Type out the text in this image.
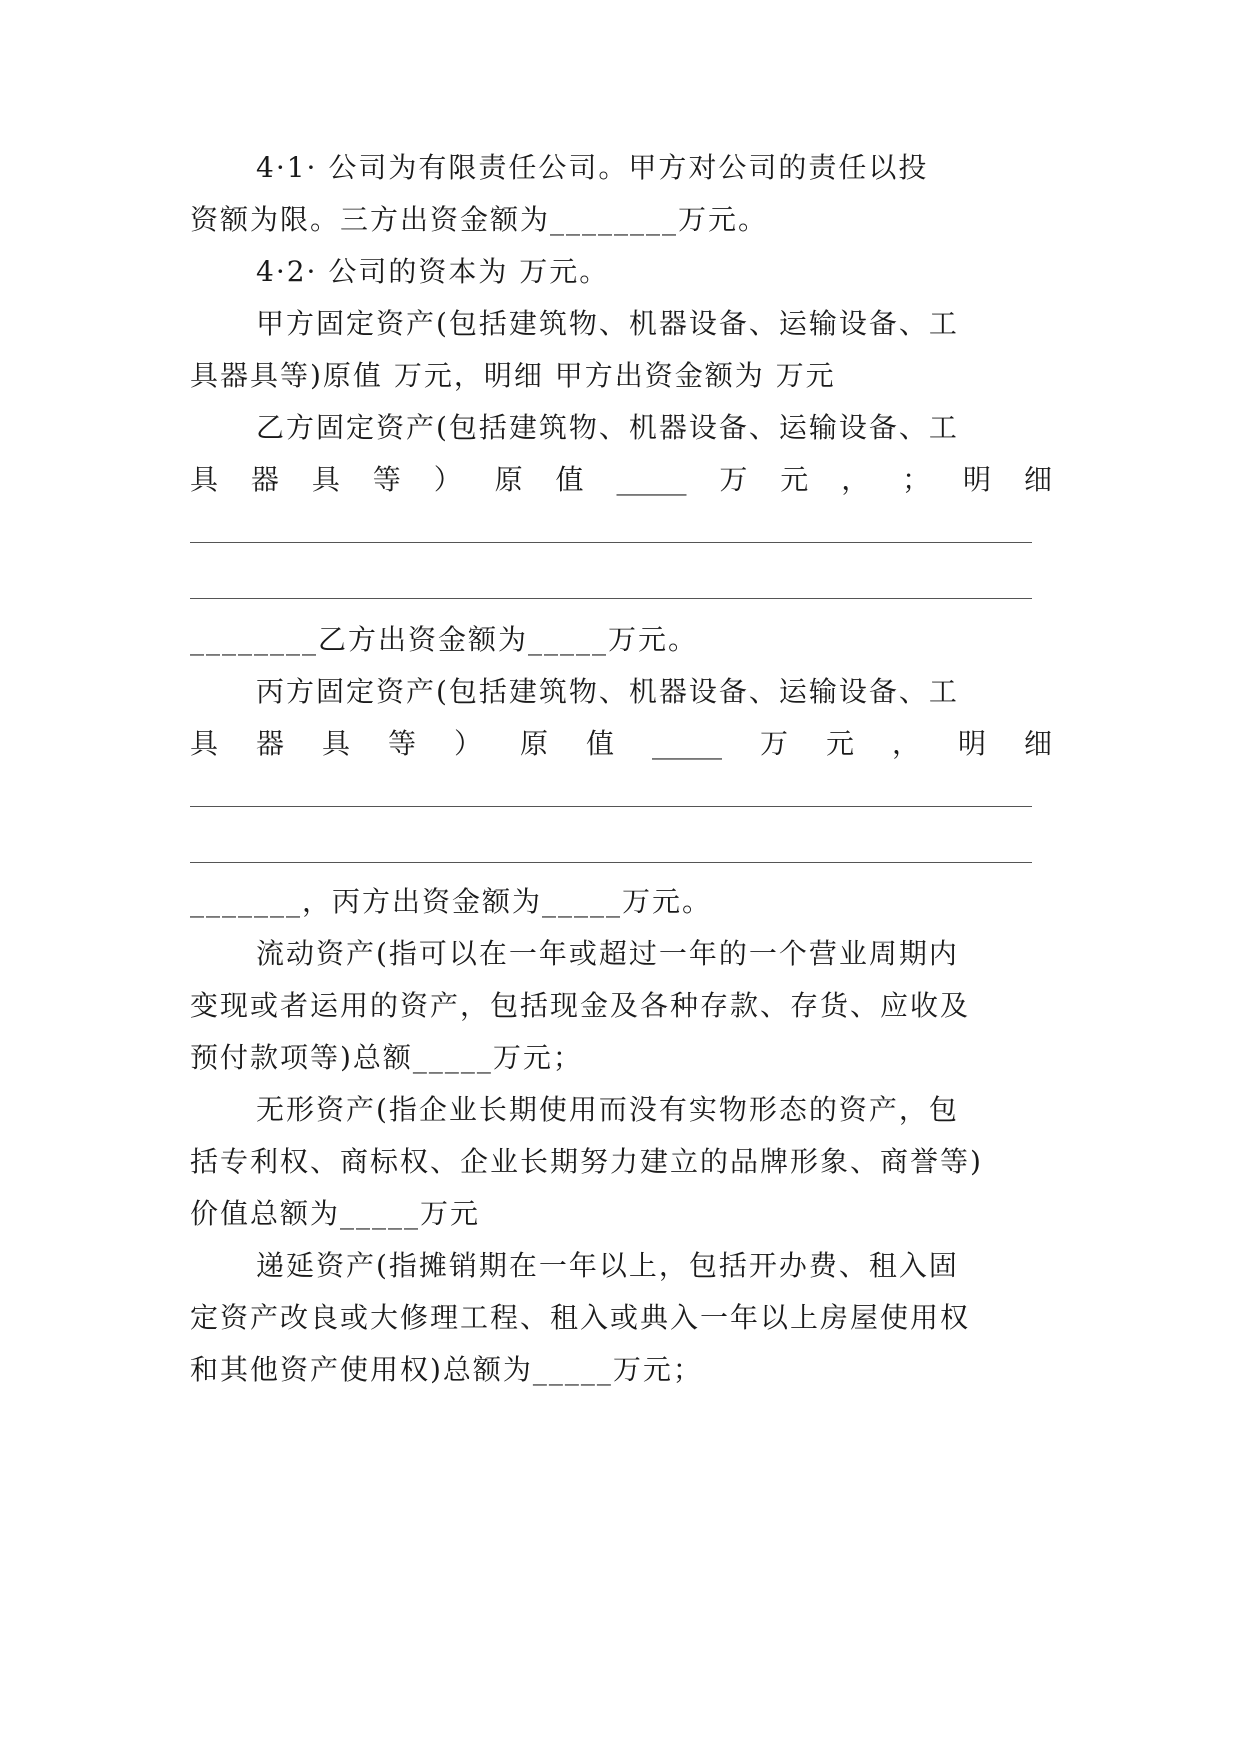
4·1· 公司为有限责任公司。甲方对公司的责任以投
资额为限。三方出资金额为________万元。
4·2· 公司的资本为 万元。
甲方固定资产(包括建筑物、机器设备、运输设备、工
具器具等)原值 万元，明细 甲方出资金额为 万元
乙方固定资产(包括建筑物、机器设备、运输设备、工
具 器 具 等 ） 原 值 _____ 万 元 ， ； 明 细
________乙方出资金额为_____万元。
丙方固定资产(包括建筑物、机器设备、运输设备、工
具 器 具 等 ） 原 值 _____ 万 元 ， 明 细
_______，丙方出资金额为_____万元。
流动资产(指可以在一年或超过一年的一个营业周期内
变现或者运用的资产，包括现金及各种存款、存货、应收及
预付款项等)总额_____万元；
无形资产(指企业长期使用而没有实物形态的资产，包
括专利权、商标权、企业长期努力建立的品牌形象、商誉等)
价值总额为_____万元
递延资产(指摊销期在一年以上，包括开办费、租入固
定资产改良或大修理工程、租入或典入一年以上房屋使用权
和其他资产使用权)总额为_____万元；
